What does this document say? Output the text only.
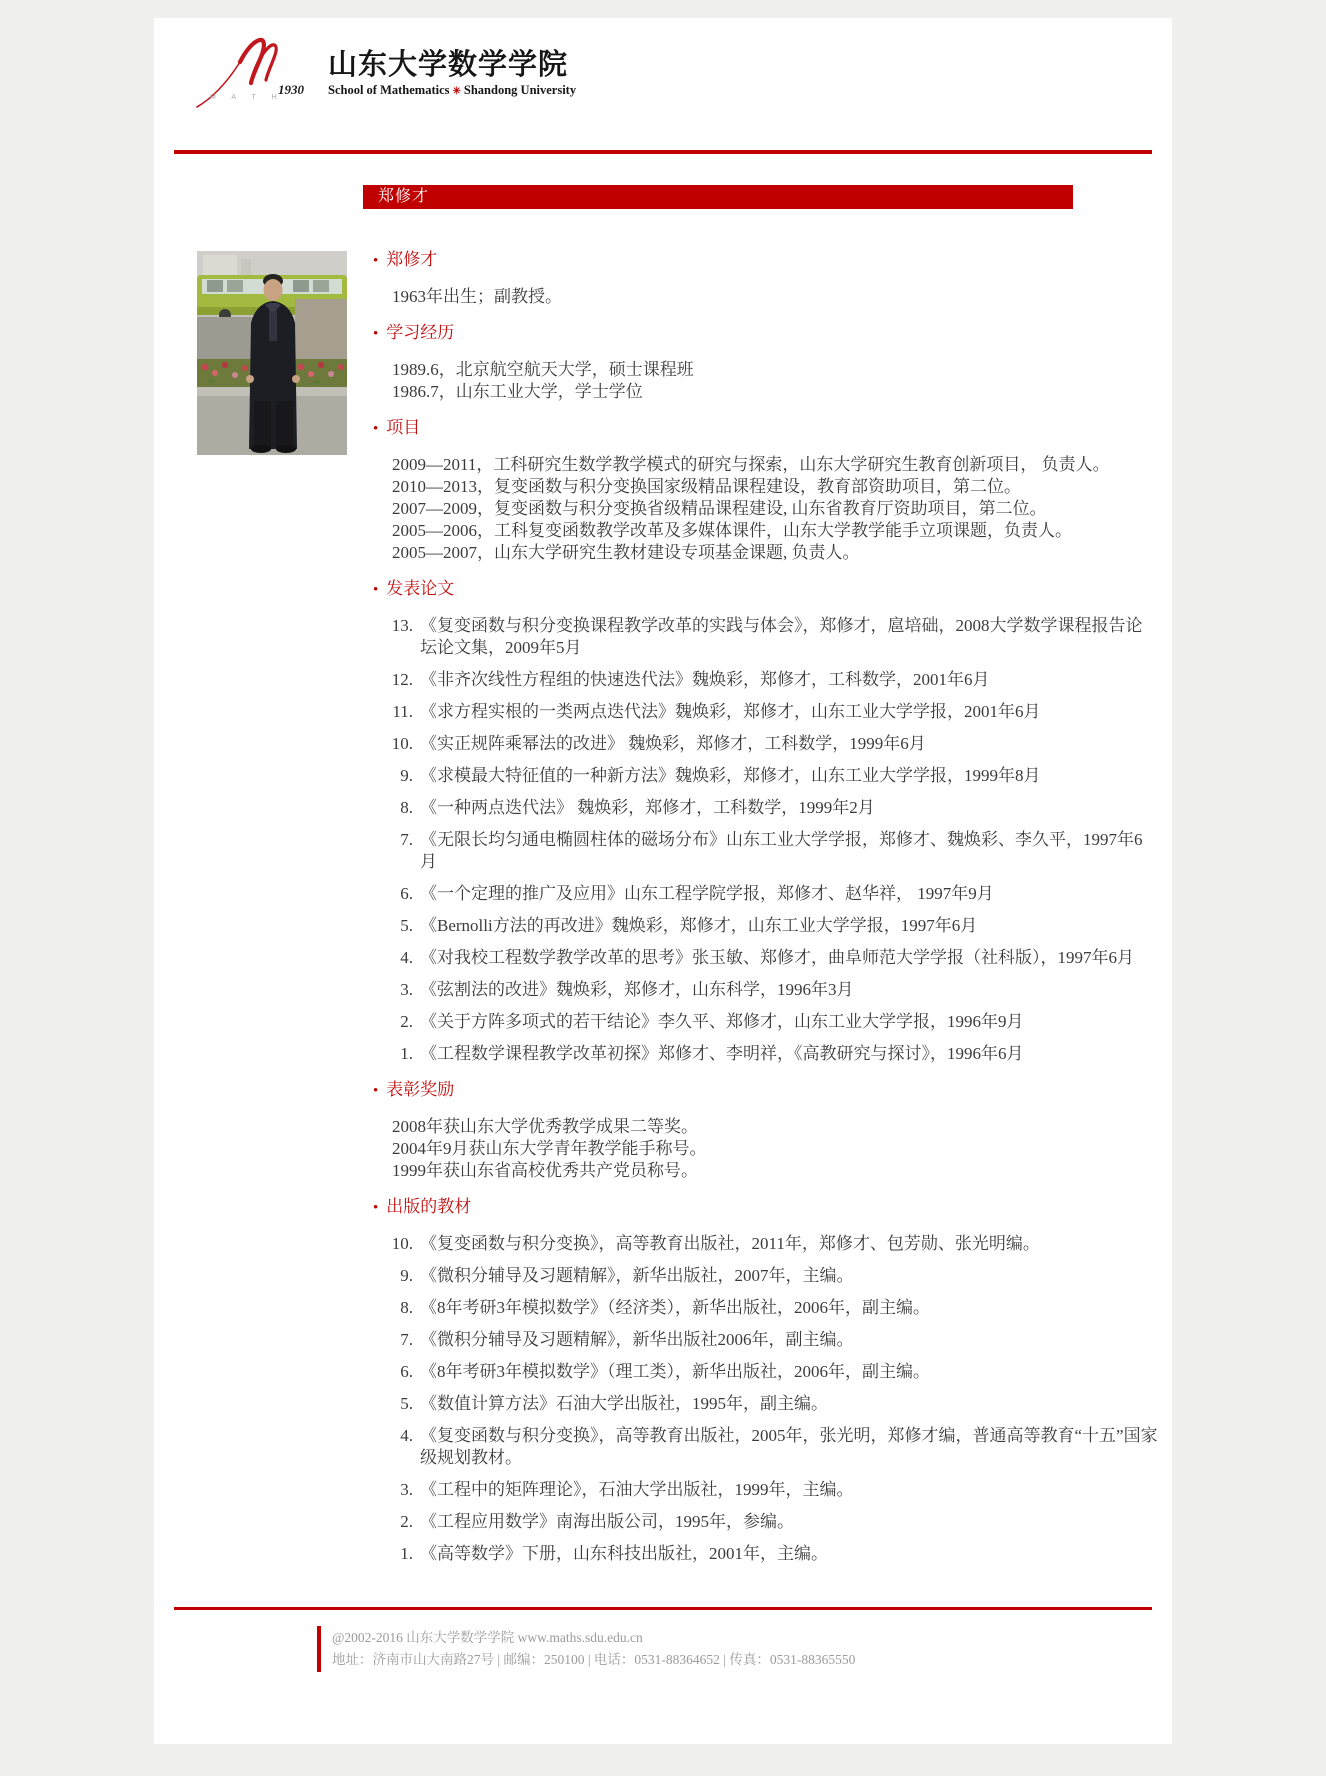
M A T H
1930
山东大学数学学院
School of Mathematics ✳ Shandong University
郑修才
• 郑修才
1963年出生；副教授。
• 学习经历
1989.6，北京航空航天大学，硕士课程班
1986.7，山东工业大学，学士学位
• 项目
2009—2011，工科研究生数学教学模式的研究与探索，山东大学研究生教育创新项目， 负责人。
2010—2013，复变函数与积分变换国家级精品课程建设，教育部资助项目，第二位。
2007—2009，复变函数与积分变换省级精品课程建设, 山东省教育厅资助项目，第二位。
2005—2006，工科复变函数教学改革及多媒体课件，山东大学教学能手立项课题，负责人。
2005—2007，山东大学研究生教材建设专项基金课题, 负责人。
• 发表论文
13. 《复变函数与积分变换课程教学改革的实践与体会》，郑修才，扈培础，2008大学数学课程报告论坛论文集，2009年5月
12. 《非齐次线性方程组的快速迭代法》魏焕彩，郑修才，工科数学，2001年6月
11. 《求方程实根的一类两点迭代法》魏焕彩，郑修才，山东工业大学学报，2001年6月
10. 《实正规阵乘幂法的改进》 魏焕彩，郑修才，工科数学，1999年6月
9. 《求模最大特征值的一种新方法》魏焕彩，郑修才，山东工业大学学报，1999年8月
8. 《一种两点迭代法》 魏焕彩，郑修才，工科数学，1999年2月
7. 《无限长均匀通电椭圆柱体的磁场分布》山东工业大学学报，郑修才、魏焕彩、李久平，1997年6月
6. 《一个定理的推广及应用》山东工程学院学报，郑修才、赵华祥， 1997年9月
5. 《Bernolli方法的再改进》魏焕彩，郑修才，山东工业大学学报，1997年6月
4. 《对我校工程数学教学改革的思考》张玉敏、郑修才，曲阜师范大学学报（社科版），1997年6月
3. 《弦割法的改进》魏焕彩，郑修才，山东科学，1996年3月
2. 《关于方阵多项式的若干结论》李久平、郑修才，山东工业大学学报，1996年9月
1. 《工程数学课程教学改革初探》郑修才、李明祥，《高教研究与探讨》，1996年6月
• 表彰奖励
2008年获山东大学优秀教学成果二等奖。
2004年9月获山东大学青年教学能手称号。
1999年获山东省高校优秀共产党员称号。
• 出版的教材
10. 《复变函数与积分变换》，高等教育出版社，2011年，郑修才、包芳勋、张光明编。
9. 《微积分辅导及习题精解》，新华出版社，2007年，主编。
8. 《8年考研3年模拟数学》（经济类），新华出版社，2006年，副主编。
7. 《微积分辅导及习题精解》，新华出版社2006年，副主编。
6. 《8年考研3年模拟数学》（理工类），新华出版社，2006年，副主编。
5. 《数值计算方法》石油大学出版社，1995年，副主编。
4. 《复变函数与积分变换》，高等教育出版社，2005年，张光明，郑修才编，普通高等教育“十五”国家级规划教材。
3. 《工程中的矩阵理论》，石油大学出版社，1999年，主编。
2. 《工程应用数学》南海出版公司，1995年，参编。
1. 《高等数学》下册，山东科技出版社，2001年，主编。
@2002-2016 山东大学数学学院 www.maths.sdu.edu.cn
地址：济南市山大南路27号 | 邮编：250100 | 电话：0531-88364652 | 传真：0531-88365550
